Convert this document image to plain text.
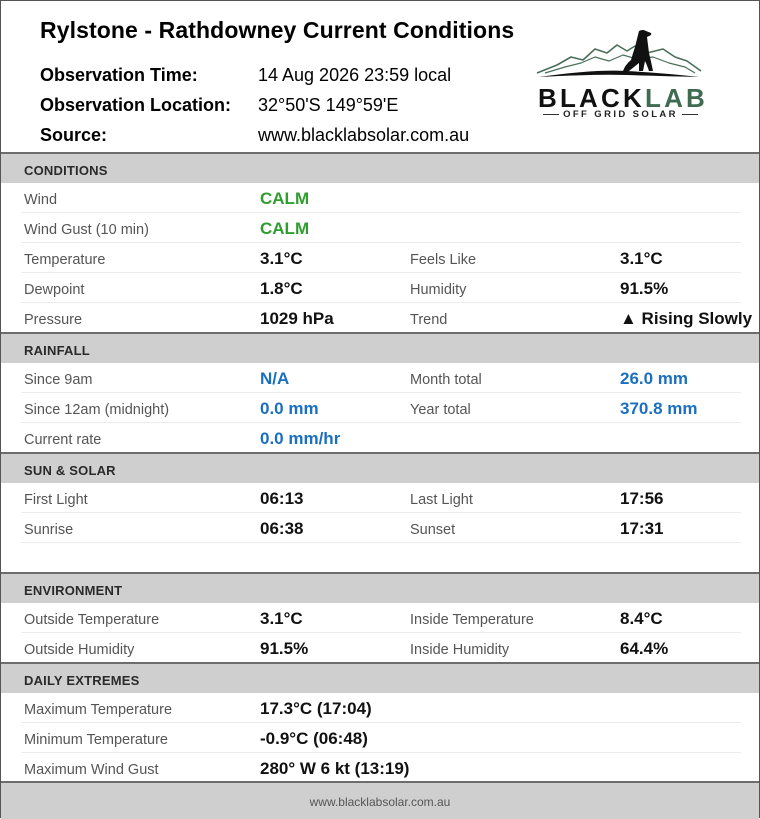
Rylstone - Rathdowney Current Conditions
Observation Time:	14 Aug 2026 23:59 local
Observation Location: 32°50'S 149°59'E
Source:	www.blacklabsolar.com.au
BLACKLAB
OFF GRID SOLAR
CONDITIONS
Wind	CALM
Wind Gust (10 min)	CALM
Temperature	3.1°C	Feels Like	3.1°C
Dewpoint	1.8°C	Humidity	91.5%
Pressure	1029 hPa	Trend	▲ Rising Slowly
RAINFALL
Since 9am	N/A	Month total	26.0 mm
Since 12am (midnight)	0.0 mm	Year total	370.8 mm
Current rate	0.0 mm/hr
SUN & SOLAR
First Light	06:13	Last Light	17:56
Sunrise	06:38	Sunset	17:31
ENVIRONMENT
Outside Temperature	3.1°C	Inside Temperature	8.4°C
Outside Humidity	91.5%	Inside Humidity	64.4%
DAILY EXTREMES
Maximum Temperature	17.3°C (17:04)
Minimum Temperature	-0.9°C (06:48)
Maximum Wind Gust	280° W 6 kt (13:19)
www.blacklabsolar.com.au
